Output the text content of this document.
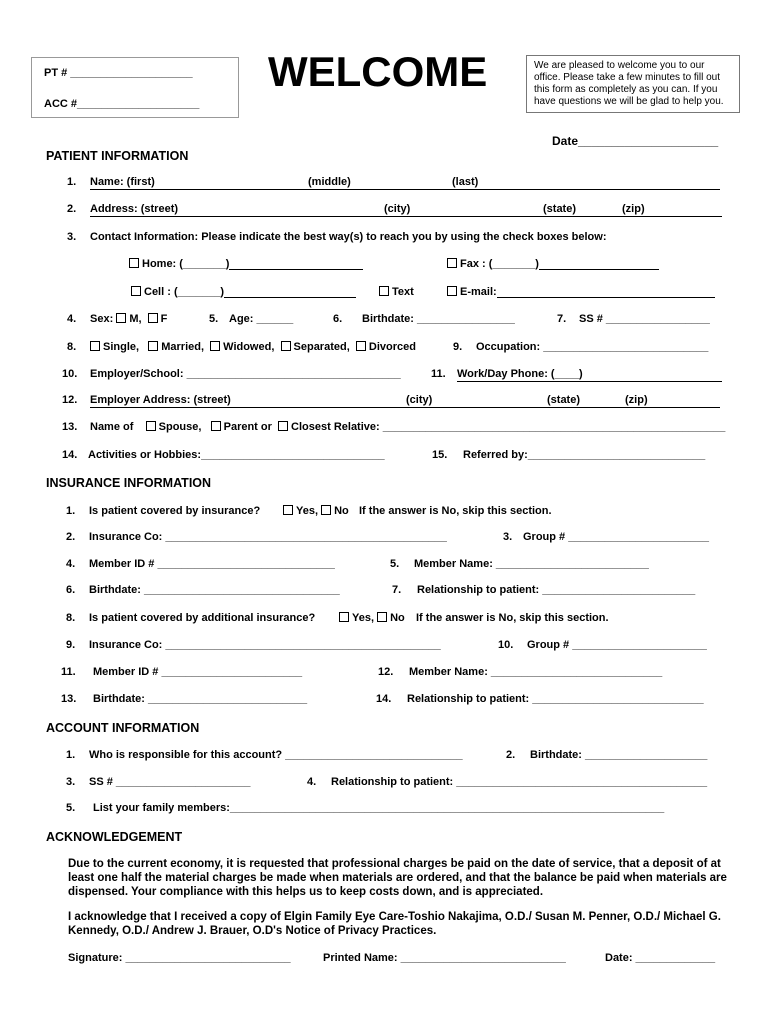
PT # ____________________
ACC #____________________
WELCOME	We are pleased to welcome you to our office. Please take a few minutes to fill out this form as completely as you can. If you have questions we will be glad to help you.
Date_____________________
PATIENT INFORMATION
1. Name: (first)	(middle)	(last)
2. Address: (street)	(city)	(state)	(zip)
3. Contact Information: Please indicate the best way(s) to reach you by using the check boxes below:
Home: (_______)	Fax : (_______)
Cell : (_______)	Text	E-mail:
4. Sex: M, F	5. Age: ______	6. Birthdate: ________________	7. SS # _________________
8.	Single, Married, Widowed, Separated, Divorced	9. Occupation: ___________________________
10. Employer/School: ___________________________________	11. Work/Day Phone: (____)
12. Employer Address: (street)	(city)	(state)	(zip)
13. Name of Spouse, Parent or Closest Relative: ________________________________________________________
14. Activities or Hobbies:______________________________	15. Referred by:_____________________________
INSURANCE INFORMATION
1. Is patient covered by insurance?	Yes, No If the answer is No, skip this section.
2. Insurance Co: ______________________________________________	3. Group # _______________________
4. Member ID # _____________________________	5. Member Name: _________________________
6. Birthdate: ________________________________	7. Relationship to patient: _________________________
8. Is patient covered by additional insurance?	Yes, No If the answer is No, skip this section.
9. Insurance Co: _____________________________________________	10. Group # ______________________
11. Member ID # _______________________	12. Member Name: ____________________________
13. Birthdate: __________________________	14. Relationship to patient: ____________________________
ACCOUNT INFORMATION
1. Who is responsible for this account? _____________________________	2. Birthdate: ____________________
3. SS # ______________________	4. Relationship to patient: _________________________________________
5. List your family members:_______________________________________________________________________
ACKNOWLEDGEMENT
Due to the current economy, it is requested that professional charges be paid on the date of service, that a deposit of at least one half the material charges be made when materials are ordered, and that the balance be paid when materials are dispensed. Your compliance with this helps us to keep costs down, and is appreciated.
I acknowledge that I received a copy of Elgin Family Eye Care-Toshio Nakajima, O.D./ Susan M. Penner, O.D./ Michael G. Kennedy, O.D./ Andrew J. Brauer, O.D's Notice of Privacy Practices.
Signature: ___________________________	Printed Name: ___________________________	Date: _____________
